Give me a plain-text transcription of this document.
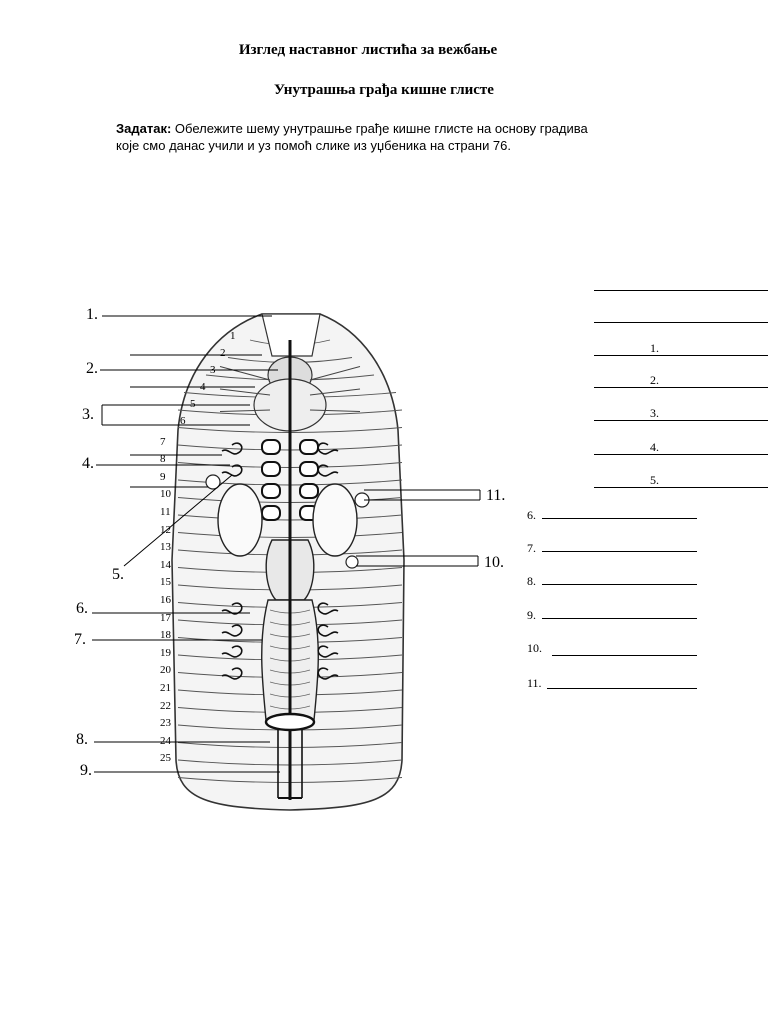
Изглед наставног листића за вежбање
Унутрашња грађа кишне глисте
Задатак: Обележите шему унутрашње грађе кишне глисте на основу градива
које смо данас учили и уз помоћ слике из уџбеника на страни 76.
1
2
3
4
5
6
7
8
9
10
11
12
13
14
15
16
17
18
19
20
21
22
23
24
25
1.
2.
3.
4.
5.
6.
7.
8.
9.
10.
11.
1.
2.
3.
4.
5.
6.
7.
8.
9.
10.
11.
